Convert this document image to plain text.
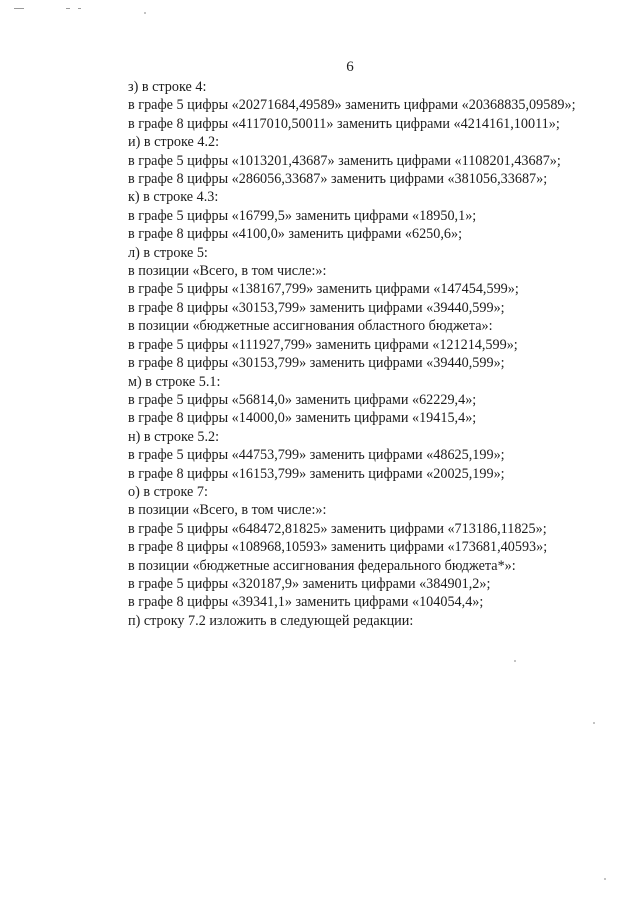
6
з) в строке 4:
в графе 5 цифры «20271684,49589» заменить цифрами «20368835,09589»;
в графе 8 цифры «4117010,50011» заменить цифрами «4214161,10011»;
и) в строке 4.2:
в графе 5 цифры «1013201,43687» заменить цифрами «1108201,43687»;
в графе 8 цифры «286056,33687» заменить цифрами «381056,33687»;
к) в строке 4.3:
в графе 5 цифры «16799,5» заменить цифрами «18950,1»;
в графе 8 цифры «4100,0» заменить цифрами «6250,6»;
л) в строке 5:
в позиции «Всего, в том числе:»:
в графе 5 цифры «138167,799» заменить цифрами «147454,599»;
в графе 8 цифры «30153,799» заменить цифрами «39440,599»;
в позиции «бюджетные ассигнования областного бюджета»:
в графе 5 цифры «111927,799» заменить цифрами «121214,599»;
в графе 8 цифры «30153,799» заменить цифрами «39440,599»;
м) в строке 5.1:
в графе 5 цифры «56814,0» заменить цифрами «62229,4»;
в графе 8 цифры «14000,0» заменить цифрами «19415,4»;
н) в строке 5.2:
в графе 5 цифры «44753,799» заменить цифрами «48625,199»;
в графе 8 цифры «16153,799» заменить цифрами «20025,199»;
о) в строке 7:
в позиции «Всего, в том числе:»:
в графе 5 цифры «648472,81825» заменить цифрами «713186,11825»;
в графе 8 цифры «108968,10593» заменить цифрами «173681,40593»;
в позиции «бюджетные ассигнования федерального бюджета*»:
в графе 5 цифры «320187,9» заменить цифрами «384901,2»;
в графе 8 цифры «39341,1» заменить цифрами «104054,4»;
п) строку 7.2 изложить в следующей редакции:
